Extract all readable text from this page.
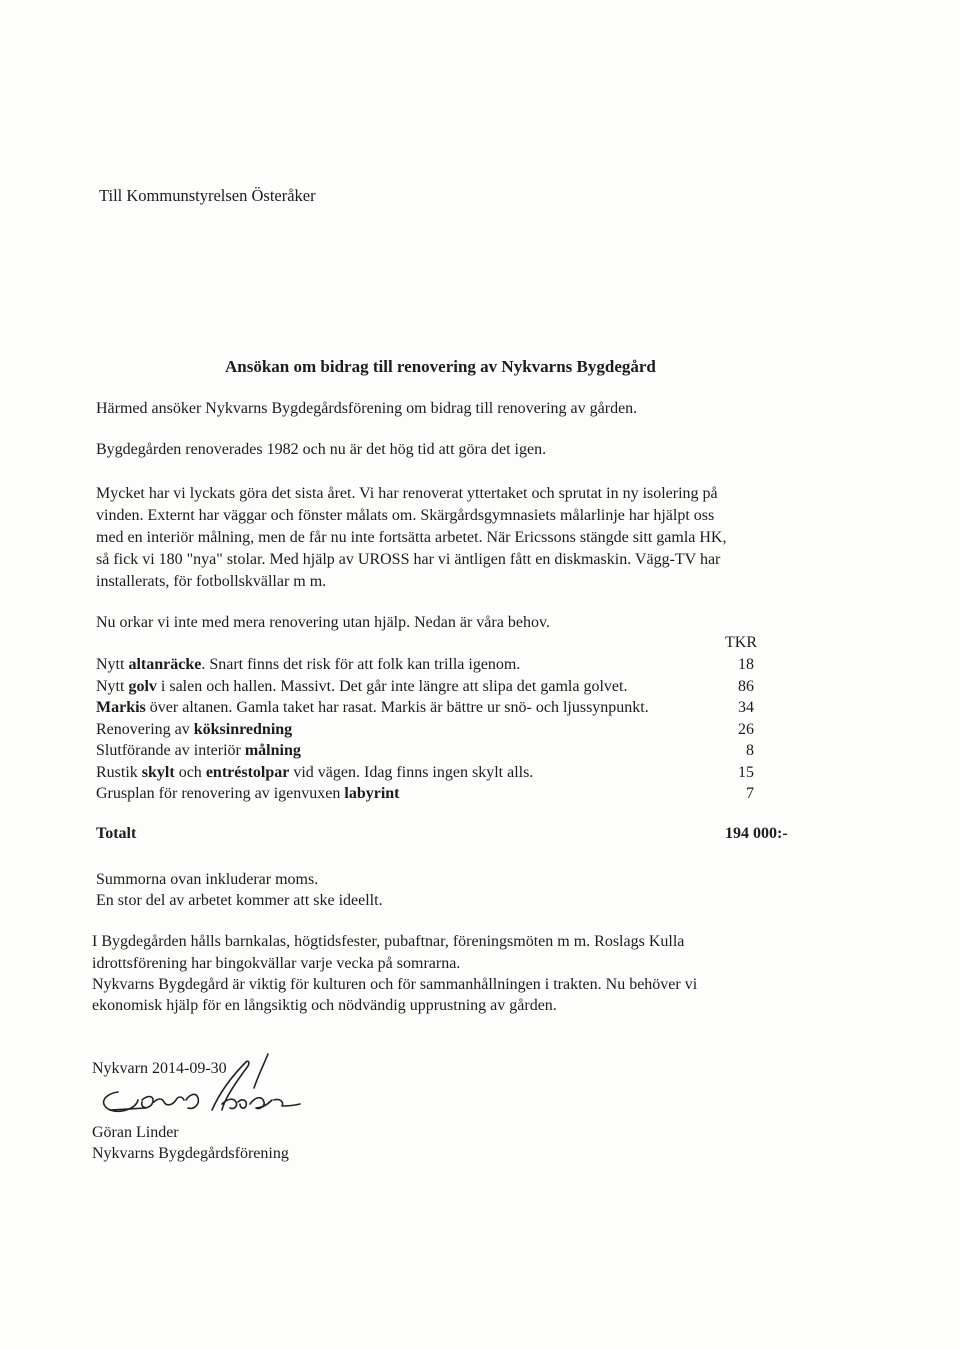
Till Kommunstyrelsen Österåker
Ansökan om bidrag till renovering av Nykvarns Bygdegård
Härmed ansöker Nykvarns Bygdegårdsförening om bidrag till renovering av gården.
Bygdegården renoverades 1982 och nu är det hög tid att göra det igen.
Mycket har vi lyckats göra det sista året. Vi har renoverat yttertaket och sprutat in ny isolering på
vinden. Externt har väggar och fönster målats om. Skärgårdsgymnasiets målarlinje har hjälpt oss
med en interiör målning, men de får nu inte fortsätta arbetet. När Ericssons stängde sitt gamla HK,
så fick vi 180 "nya" stolar. Med hjälp av UROSS har vi äntligen fått en diskmaskin. Vägg-TV har
installerats, för fotbollskvällar m m.
Nu orkar vi inte med mera renovering utan hjälp. Nedan är våra behov.
TKR
Nytt altanräcke. Snart finns det risk för att folk kan trilla igenom.	18
Nytt golv i salen och hallen. Massivt. Det går inte längre att slipa det gamla golvet.	86
Markis över altanen. Gamla taket har rasat. Markis är bättre ur snö- och ljussynpunkt.	34
Renovering av köksinredning	26
Slutförande av interiör målning	8
Rustik skylt och entréstolpar vid vägen. Idag finns ingen skylt alls.	15
Grusplan för renovering av igenvuxen labyrint	7
Totalt	194 000:-
Summorna ovan inkluderar moms.
En stor del av arbetet kommer att ske ideellt.
I Bygdegården hålls barnkalas, högtidsfester, pubaftnar, föreningsmöten m m. Roslags Kulla
idrottsförening har bingokvällar varje vecka på somrarna.
Nykvarns Bygdegård är viktig för kulturen och för sammanhållningen i trakten. Nu behöver vi
ekonomisk hjälp för en långsiktig och nödvändig upprustning av gården.
Nykvarn 2014-09-30
Göran Linder
Nykvarns Bygdegårdsförening
